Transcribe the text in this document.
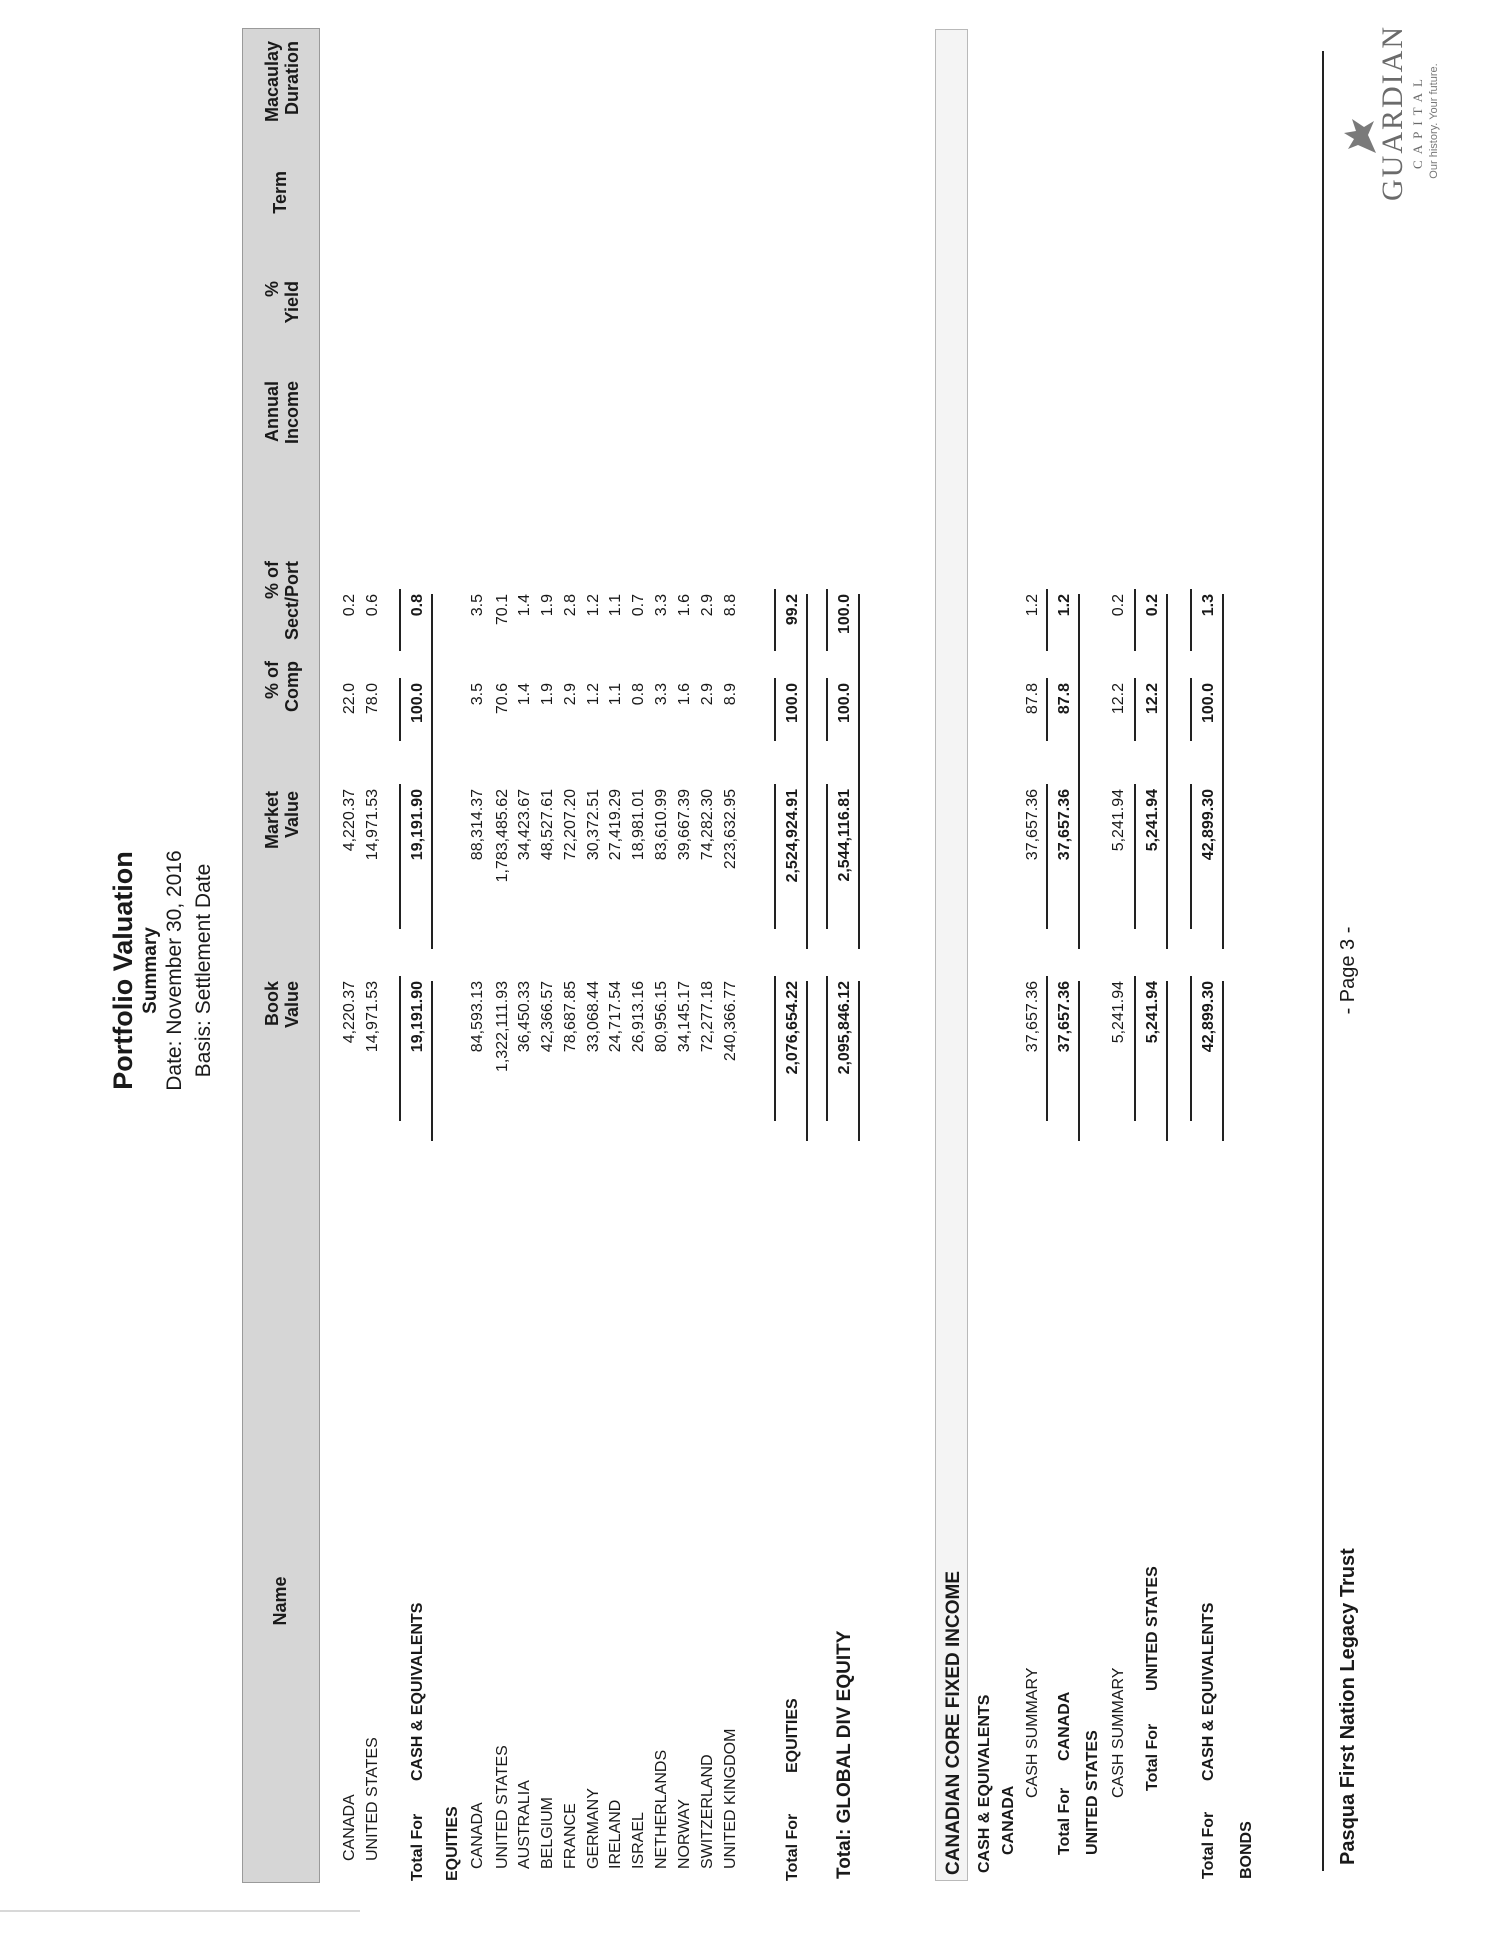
Portfolio Valuation Summary Date: November 30, 2016 Basis: Settlement Date
Name
Book Value
Market Value
% of Comp
% of Sect/Port
Annual Income
% Yield
Term
Macaulay Duration
CANADA
4,220.37
4,220.37
22.0
0.2
UNITED STATES
14,971.53
14,971.53
78.0
0.6
Total For
CASH & EQUIVALENTS
19,191.90
19,191.90
100.0
0.8
EQUITIES CANADA
84,593.13
88,314.37
3.5
3.5
UNITED STATES
1,322,111.93
1,783,485.62
70.6
70.1
AUSTRALIA
36,450.33
34,423.67
1.4
1.4
BELGIUM
42,366.57
48,527.61
1.9
1.9
FRANCE
78,687.85
72,207.20
2.9
2.8
GERMANY
33,068.44
30,372.51
1.2
1.2
IRELAND
24,717.54
27,419.29
1.1
1.1
ISRAEL
26,913.16
18,981.01
0.8
0.7
NETHERLANDS
80,956.15
83,610.99
3.3
3.3
NORWAY
34,145.17
39,667.39
1.6
1.6
SWITZERLAND
72,277.18
74,282.30
2.9
2.9
UNITED KINGDOM
240,366.77
223,632.95
8.9
8.8
Total For
EQUITIES
2,076,654.22
2,524,924.91
100.0
99.2
Total: GLOBAL DIV EQUITY
2,095,846.12
2,544,116.81
100.0
100.0
CANADIAN CORE FIXED INCOME CASH & EQUIVALENTS CANADA
CASH SUMMARY
37,657.36
37,657.36
87.8
1.2
Total For
CANADA
37,657.36
37,657.36
87.8
1.2
UNITED STATES CASH SUMMARY
5,241.94
5,241.94
12.2
0.2
Total For
UNITED STATES
5,241.94
5,241.94
12.2
0.2
Total For
CASH & EQUIVALENTS
42,899.30
42,899.30
100.0
1.3
BONDS	Pasqua First Nation Legacy Trust
- Page 3 -
GUARDIAN CAPITAL Our history. Your future.
